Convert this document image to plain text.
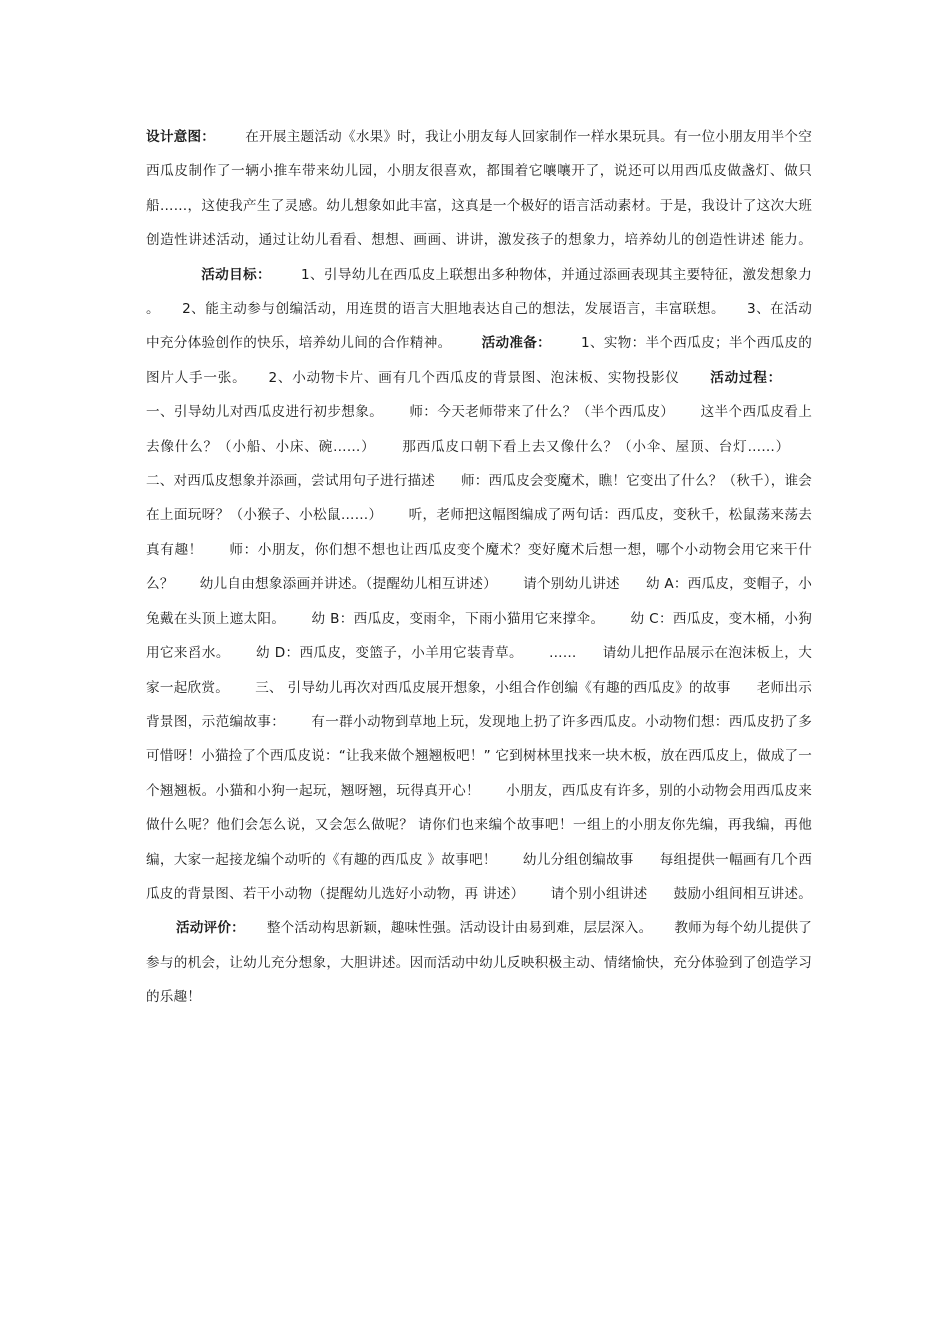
设计意图： 在开展主题活动《水果》时，我让小朋友每人回家制作一样水果玩具。有一位小朋友用半个空西瓜皮制作了一辆小推车带来幼儿园，小朋友很喜欢，都围着它嚷嚷开了，说还可以用西瓜皮做盏灯、做只船……，这使我产生了灵感。幼儿想象如此丰富，这真是一个极好的语言活动素材。于是，我设计了这次大班创造性讲述活动，通过让幼儿看看、想想、画画、讲讲，激发孩子的想象力，培养幼儿的创造性讲述 能力。活动目标： 1、引导幼儿在西瓜皮上联想出多种物体，并通过添画表现其主要特征，激发想象力 。 2、能主动参与创编活动，用连贯的语言大胆地表达自己的想法，发展语言，丰富联想。 3、在活动中充分体验创作的快乐，培养幼儿间的合作精神。 活动准备： 1、实物：半个西瓜皮；半个西瓜皮的图片人手一张。 2、小动物卡片、画有几个西瓜皮的背景图、泡沫板、实物投影仪 活动过程：一、引导幼儿对西瓜皮进行初步想象。 师：今天老师带来了什么？（半个西瓜皮） 这半个西瓜皮看上去像什么？（小船、小床、碗……） 那西瓜皮口朝下看上去又像什么？（小伞、屋顶、台灯……）二、对西瓜皮想象并添画，尝试用句子进行描述 师：西瓜皮会变魔术，瞧！它变出了什么？（秋千），谁会在上面玩呀？（小猴子、小松鼠……） 听，老师把这幅图编成了两句话：西瓜皮，变秋千，松鼠荡来荡去真有趣！ 师：小朋友，你们想不想也让西瓜皮变个魔术？变好魔术后想一想，哪个小动物会用它来干什么？ 幼儿自由想象添画并讲述。（提醒幼儿相互讲述） 请个别幼儿讲述 幼 A：西瓜皮，变帽子，小兔戴在头顶上遮太阳。 幼 B：西瓜皮，变雨伞，下雨小猫用它来撑伞。 幼 C：西瓜皮，变木桶，小狗用它来舀水。 幼 D：西瓜皮，变篮子，小羊用它装青草。 …… 请幼儿把作品展示在泡沫板上，大家一起欣赏。 三、 引导幼儿再次对西瓜皮展开想象，小组合作创编《有趣的西瓜皮》的故事 老师出示背景图，示范编故事： 有一群小动物到草地上玩，发现地上扔了许多西瓜皮。小动物们想：西瓜皮扔了多可惜呀！小猫捡了个西瓜皮说：“让我来做个翘翘板吧！” 它到树林里找来一块木板，放在西瓜皮上，做成了一个翘翘板。小猫和小狗一起玩，翘呀翘，玩得真开心！ 小朋友，西瓜皮有许多，别的小动物会用西瓜皮来做什么呢？他们会怎么说，又会怎么做呢？ 请你们也来编个故事吧！一组上的小朋友你先编，再我编，再他编，大家一起接龙编个动听的《有趣的西瓜皮 》故事吧！ 幼儿分组创编故事 每组提供一幅画有几个西瓜皮的背景图、若干小动物（提醒幼儿选好小动物，再 讲述） 请个别小组讲述 鼓励小组间相互讲述。活动评价： 整个活动构思新颖，趣味性强。活动设计由易到难，层层深入。 教师为每个幼儿提供了参与的机会，让幼儿充分想象，大胆讲述。因而活动中幼儿反映积极主动、情绪愉快，充分体验到了创造学习的乐趣！
